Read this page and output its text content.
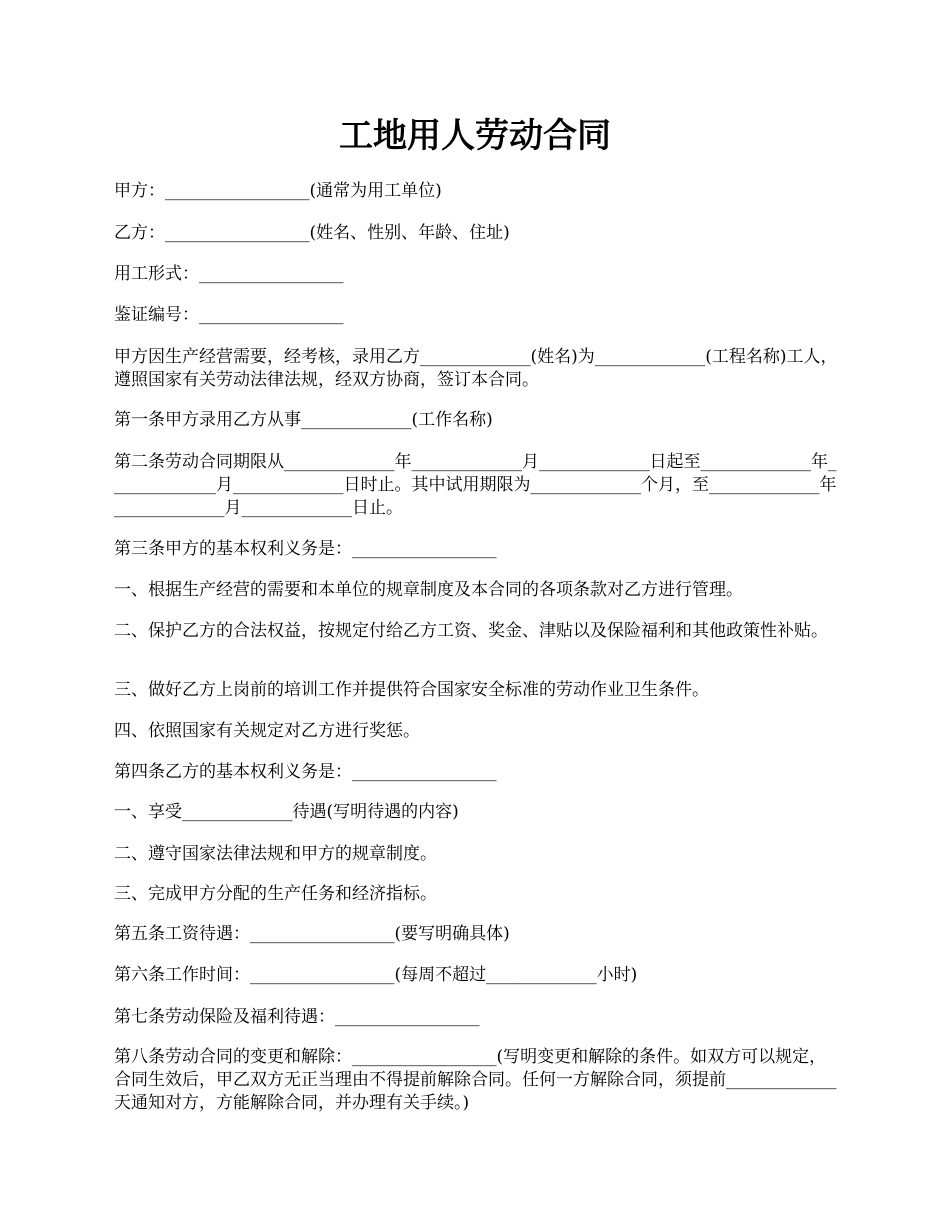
工地用人劳动合同

甲方：_________________(通常为用工单位)

乙方：_________________(姓名、性别、年龄、住址)

用工形式：_________________

鉴证编号：_________________

甲方因生产经营需要，经考核，录用乙方_____________(姓名)为_____________(工程名称)工人，遵照国家有关劳动法律法规，经双方协商，签订本合同。

第一条甲方录用乙方从事_____________(工作名称)

第二条劳动合同期限从_____________年_____________月_____________日起至_____________年_____________月_____________日时止。其中试用期限为_____________个月，至_____________年_____________月_____________日止。

第三条甲方的基本权利义务是：_________________

一、根据生产经营的需要和本单位的规章制度及本合同的各项条款对乙方进行管理。

二、保护乙方的合法权益，按规定付给乙方工资、奖金、津贴以及保险福利和其他政策性补贴。

三、做好乙方上岗前的培训工作并提供符合国家安全标准的劳动作业卫生条件。

四、依照国家有关规定对乙方进行奖惩。

第四条乙方的基本权利义务是：_________________

一、享受_____________待遇(写明待遇的内容)

二、遵守国家法律法规和甲方的规章制度。

三、完成甲方分配的生产任务和经济指标。

第五条工资待遇：_________________(要写明确具体)

第六条工作时间：_________________(每周不超过_____________小时)

第七条劳动保险及福利待遇：_________________

第八条劳动合同的变更和解除：_________________(写明变更和解除的条件。如双方可以规定，合同生效后，甲乙双方无正当理由不得提前解除合同。任何一方解除合同，须提前_____________天通知对方，方能解除合同，并办理有关手续。)
